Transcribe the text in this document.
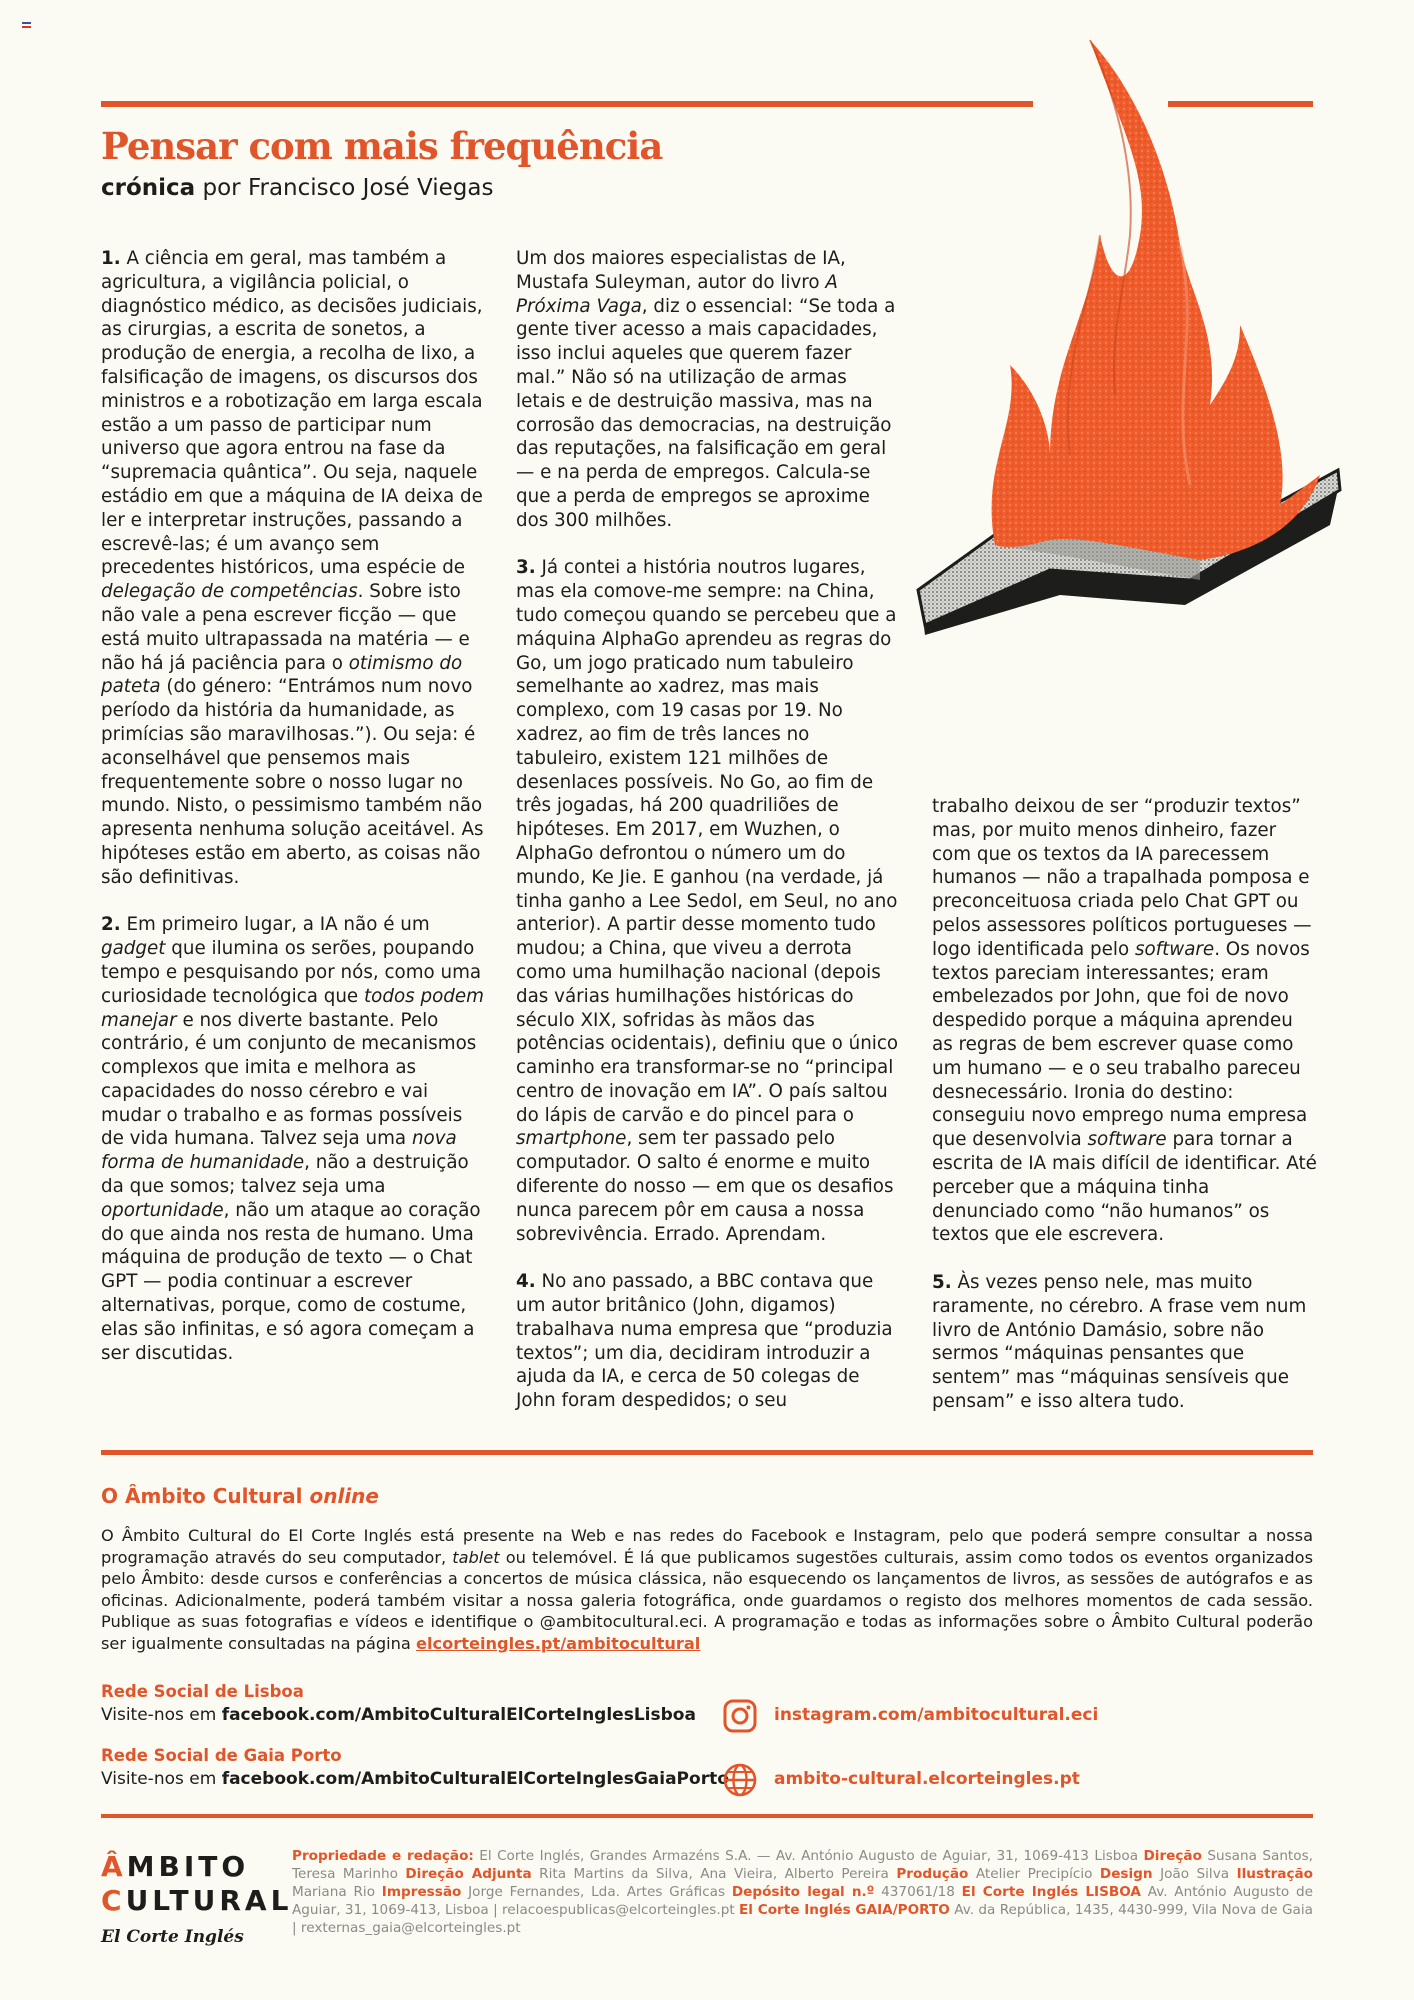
Pensar com mais frequência
crónica por Francisco José Viegas

1. A ciência em geral, mas também a agricultura, a vigilância policial, o diagnóstico médico, as decisões judiciais, as cirurgias, a escrita de sonetos, a produção de energia, a recolha de lixo, a falsificação de imagens, os discursos dos ministros e a robotização em larga escala estão a um passo de participar num universo que agora entrou na fase da “supremacia quântica”. Ou seja, naquele estádio em que a máquina de IA deixa de ler e interpretar instruções, passando a escrevê-las; é um avanço sem precedentes históricos, uma espécie de delegação de competências. Sobre isto não vale a pena escrever ficção — que está muito ultrapassada na matéria — e não há já paciência para o otimismo do pateta (do género: “Entrámos num novo período da história da humanidade, as primícias são maravilhosas.”). Ou seja: é aconselhável que pensemos mais frequentemente sobre o nosso lugar no mundo. Nisto, o pessimismo também não apresenta nenhuma solução aceitável. As hipóteses estão em aberto, as coisas não são definitivas.

2. Em primeiro lugar, a IA não é um gadget que ilumina os serões, poupando tempo e pesquisando por nós, como uma curiosidade tecnológica que todos podem manejar e nos diverte bastante. Pelo contrário, é um conjunto de mecanismos complexos que imita e melhora as capacidades do nosso cérebro e vai mudar o trabalho e as formas possíveis de vida humana. Talvez seja uma nova forma de humanidade, não a destruição da que somos; talvez seja uma oportunidade, não um ataque ao coração do que ainda nos resta de humano. Uma máquina de produção de texto — o Chat GPT — podia continuar a escrever alternativas, porque, como de costume, elas são infinitas, e só agora começam a ser discutidas.

Um dos maiores especialistas de IA, Mustafa Suleyman, autor do livro A Próxima Vaga, diz o essencial: “Se toda a gente tiver acesso a mais capacidades, isso inclui aqueles que querem fazer mal.” Não só na utilização de armas letais e de destruição massiva, mas na corrosão das democracias, na destruição das reputações, na falsificação em geral — e na perda de empregos. Calcula-se que a perda de empregos se aproxime dos 300 milhões.

3. Já contei a história noutros lugares, mas ela comove-me sempre: na China, tudo começou quando se percebeu que a máquina AlphaGo aprendeu as regras do Go, um jogo praticado num tabuleiro semelhante ao xadrez, mas mais complexo, com 19 casas por 19. No xadrez, ao fim de três lances no tabuleiro, existem 121 milhões de desenlaces possíveis. No Go, ao fim de três jogadas, há 200 quadriliões de hipóteses. Em 2017, em Wuzhen, o AlphaGo defrontou o número um do mundo, Ke Jie. E ganhou (na verdade, já tinha ganho a Lee Sedol, em Seul, no ano anterior). A partir desse momento tudo mudou; a China, que viveu a derrota como uma humilhação nacional (depois das várias humilhações históricas do século XIX, sofridas às mãos das potências ocidentais), definiu que o único caminho era transformar-se no “principal centro de inovação em IA”. O país saltou do lápis de carvão e do pincel para o smartphone, sem ter passado pelo computador. O salto é enorme e muito diferente do nosso — em que os desafios nunca parecem pôr em causa a nossa sobrevivência. Errado. Aprendam.

4. No ano passado, a BBC contava que um autor britânico (John, digamos) trabalhava numa empresa que “produzia textos”; um dia, decidiram introduzir a ajuda da IA, e cerca de 50 colegas de John foram despedidos; o seu

trabalho deixou de ser “produzir textos” mas, por muito menos dinheiro, fazer com que os textos da IA parecessem humanos — não a trapalhada pomposa e preconceituosa criada pelo Chat GPT ou pelos assessores políticos portugueses — logo identificada pelo software. Os novos textos pareciam interessantes; eram embelezados por John, que foi de novo despedido porque a máquina aprendeu as regras de bem escrever quase como um humano — e o seu trabalho pareceu desnecessário. Ironia do destino: conseguiu novo emprego numa empresa que desenvolvia software para tornar a escrita de IA mais difícil de identificar. Até perceber que a máquina tinha denunciado como “não humanos” os textos que ele escrevera.

5. Às vezes penso nele, mas muito raramente, no cérebro. A frase vem num livro de António Damásio, sobre não sermos “máquinas pensantes que sentem” mas “máquinas sensíveis que pensam” e isso altera tudo.

O Âmbito Cultural online
O Âmbito Cultural do El Corte Inglés está presente na Web e nas redes do Facebook e Instagram, pelo que poderá sempre consultar a nossa programação através do seu computador, tablet ou telemóvel. É lá que publicamos sugestões culturais, assim como todos os eventos organizados pelo Âmbito: desde cursos e conferências a concertos de música clássica, não esquecendo os lançamentos de livros, as sessões de autógrafos e as oficinas. Adicionalmente, poderá também visitar a nossa galeria fotográfica, onde guardamos o registo dos melhores momentos de cada sessão. Publique as suas fotografias e vídeos e identifique o @ambitocultural.eci. A programação e todas as informações sobre o Âmbito Cultural poderão ser igualmente consultadas na página elcorteingles.pt/ambitocultural
Rede Social de Lisboa
Visite-nos em facebook.com/AmbitoCulturalElCorteInglesLisboa
Rede Social de Gaia Porto
Visite-nos em facebook.com/AmbitoCulturalElCorteInglesGaiaPorto
instagram.com/ambitocultural.eci
ambito-cultural.elcorteingles.pt
ÂMBITO
CULTURAL
El Corte Inglés
Propriedade e redação: El Corte Inglés, Grandes Armazéns S.A. — Av. António Augusto de Aguiar, 31, 1069-413 Lisboa Direção Susana Santos, Teresa Marinho Direção Adjunta Rita Martins da Silva, Ana Vieira, Alberto Pereira Produção Atelier Precipício Design João Silva Ilustração Mariana Rio Impressão Jorge Fernandes, Lda. Artes Gráficas Depósito legal n.º 437061/18 El Corte Inglés LISBOA Av. António Augusto de Aguiar, 31, 1069-413, Lisboa | relacoespublicas@elcorteingles.pt El Corte Inglés GAIA/PORTO Av. da República, 1435, 4430-999, Vila Nova de Gaia | rexternas_gaia@elcorteingles.pt
